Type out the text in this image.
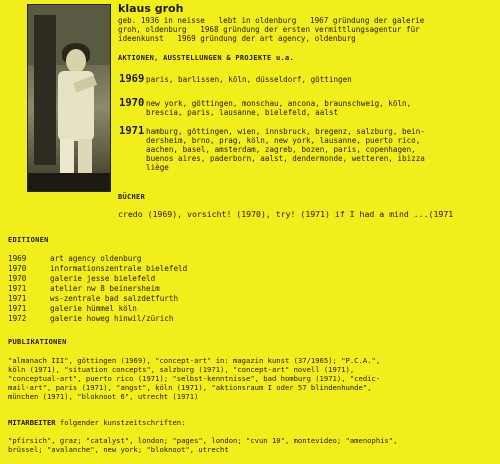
klaus groh
geb. 1936 in neisse   lebt in oldenburg   1967 gründung der galerie
groh, oldenburg   1968 gründung der ersten vermittlungsagentur für
ideenkunst   1969 gründung der art agency, oldenburg
AKTIONEN, AUSSTELLUNGEN & PROJEKTE u.a.
1969 paris, barlissen, köln, düsseldorf, göttingen
1970 new york, göttingen, monschau, ancona, braunschweig, köln,
brescia, paris, lausanne, bielefeld, aalst
1971 hamburg, göttingen, wien, innsbruck, bregenz, salzburg, bein-
dersheim, brno, prag, köln, new york, lausanne, puerto rico,
aachen, basel, amsterdam, zagreb, bozen, paris, copenhagen,
buenos aires, paderborn, aalst, dendermonde, wetteren, ibizza
liège
BÜCHER
credo (1969), vorsicht! (1970), try! (1971) if I had a mind ...(1971
EDITIONEN
1969	art agency oldenburg
1970	informationszentrale bielefeld
1970	galerie jesse bielefeld
1971	atelier nw 8 beinersheim
1971	ws-zentrale bad salzdetfurth
1971	galerie hümmel köln
1972	galerie howeg hinwil/zürich
PUBLIKATIONEN
"almanach III", göttingen (1969), "concept-art" in: magazin kunst (37/1965); "P.C.A.",
köln (1971), "situation concepts", salzburg (1971), "concept-art" novell (1971),
"conceptual-art", puerto rico (1971); "selbst-kenntnisse", bad homburg (1971), "cedic-
mail-art", paris (1971), "angst", köln (1971), "aktionsraum I oder 57 blindenhunde",
münchen (1971), "bloknoot 6", utrecht (1971)
MITARBEITER folgender kunstzeitschriften:
"pfirsich", graz; "catalyst", london; "pages", london; "cvun 10", montevideo; "amenophis",
brüssel; "avalanche", new york; "bloknoot", utrecht
